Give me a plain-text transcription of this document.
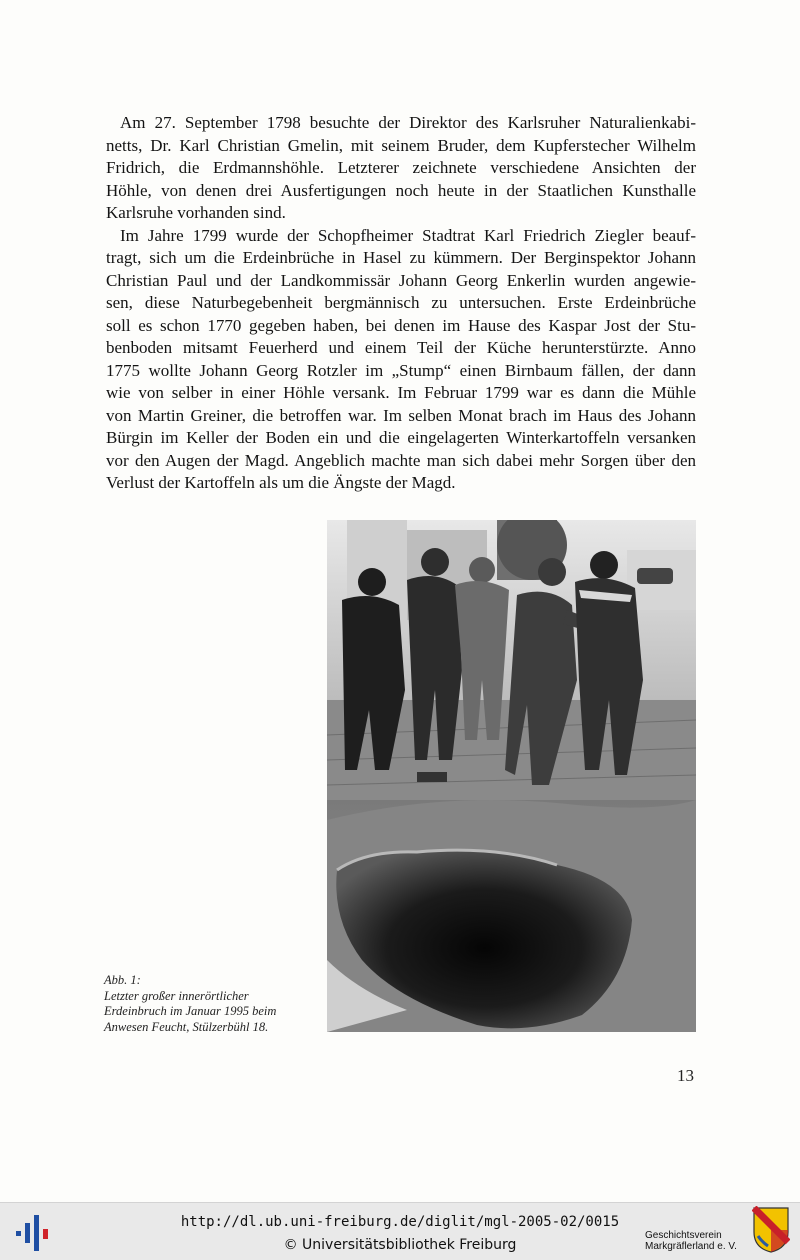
Am 27. September 1798 besuchte der Direktor des Karlsruher Naturalienkabi-
netts, Dr. Karl Christian Gmelin, mit seinem Bruder, dem Kupferstecher Wilhelm
Fridrich, die Erdmannshöhle. Letzterer zeichnete verschiedene Ansichten der
Höhle, von denen drei Ausfertigungen noch heute in der Staatlichen Kunsthalle
Karlsruhe vorhanden sind.

Im Jahre 1799 wurde der Schopfheimer Stadtrat Karl Friedrich Ziegler beauf-
tragt, sich um die Erdeinbrüche in Hasel zu kümmern. Der Berginspektor Johann
Christian Paul und der Landkommissär Johann Georg Enkerlin wurden angewie-
sen, diese Naturbegebenheit bergmännisch zu untersuchen. Erste Erdeinbrüche
soll es schon 1770 gegeben haben, bei denen im Hause des Kaspar Jost der Stu-
benboden mitsamt Feuerherd und einem Teil der Küche herunterstürzte. Anno
1775 wollte Johann Georg Rotzler im „Stump“ einen Birnbaum fällen, der dann
wie von selber in einer Höhle versank. Im Februar 1799 war es dann die Mühle
von Martin Greiner, die betroffen war. Im selben Monat brach im Haus des Johann
Bürgin im Keller der Boden ein und die eingelagerten Winterkartoffeln versanken
vor den Augen der Magd. Angeblich machte man sich dabei mehr Sorgen über den
Verlust der Kartoffeln als um die Ängste der Magd.

Abb. 1:
Letzter großer innerörtlicher
Erdeinbruch im Januar 1995 beim
Anwesen Feucht, Stülzerbühl 18.
13
http://dl.ub.uni-freiburg.de/diglit/mgl-2005-02/0015
© Universitätsbibliothek Freiburg
Geschichtsverein
Markgräflerland e. V.
